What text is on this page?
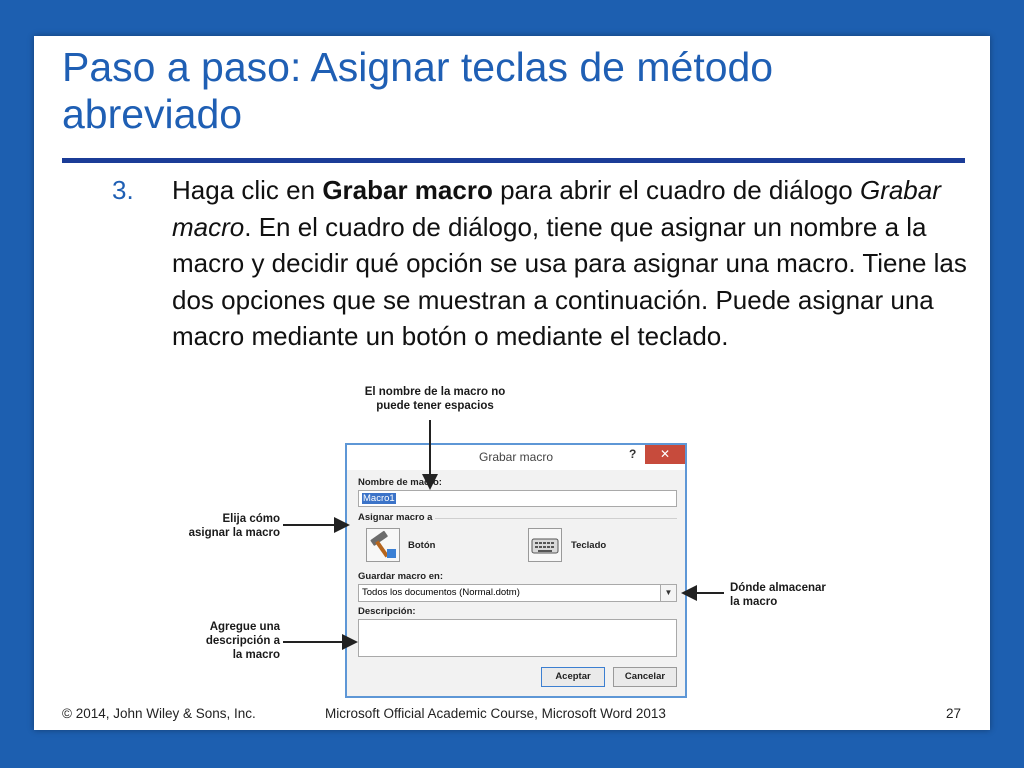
Paso a paso: Asignar teclas de método abreviado
3. Haga clic en Grabar macro para abrir el cuadro de diálogo Grabar macro. En el cuadro de diálogo, tiene que asignar un nombre a la macro y decidir qué opción se usa para asignar una macro. Tiene las dos opciones que se muestran a continuación. Puede asignar una macro mediante un botón o mediante el teclado.
El nombre de la macro no
puede tener espacios
Elija cómo
asignar la macro
Dónde almacenar
la macro
Agregue una
descripción a
la macro
Grabar macro	?	✕
Nombre de macro:
Macro1
Asignar macro a
Botón	Teclado
Guardar macro en:
Todos los documentos (Normal.dotm)	▼
Descripción:
Aceptar	Cancelar
© 2014, John Wiley & Sons, Inc.	Microsoft Official Academic Course, Microsoft Word 2013	27
